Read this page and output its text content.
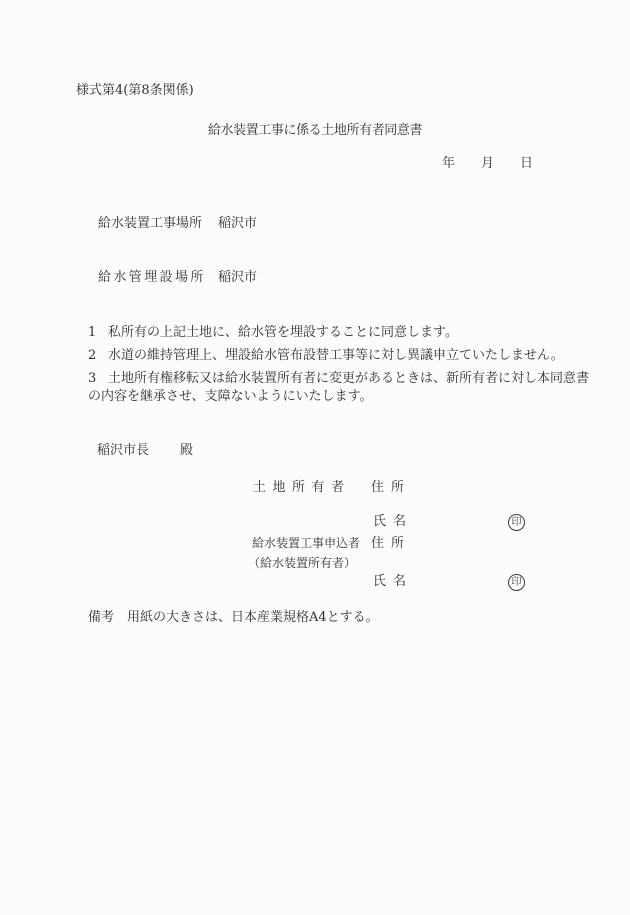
様式第4(第8条関係)
給水装置工事に係る土地所有者同意書
年　　月　　日
給水装置工事場所 稲沢市
給水管埋設場所 稲沢市
1 私所有の上記土地に、給水管を埋設することに同意します。
2 水道の維持管理上、埋設給水管布設替工事等に対し異議申立ていたしません。
3 土地所有権移転又は給水装置所有者に変更があるときは、新所有者に対し本同意書
の内容を継承させ、支障ないようにいたします。
稲沢市長 殿
土地所有者 住所
氏名	印
給水装置工事申込者 住所
（給水装置所有者）
氏名	印
備考　用紙の大きさは、日本産業規格A4とする。
